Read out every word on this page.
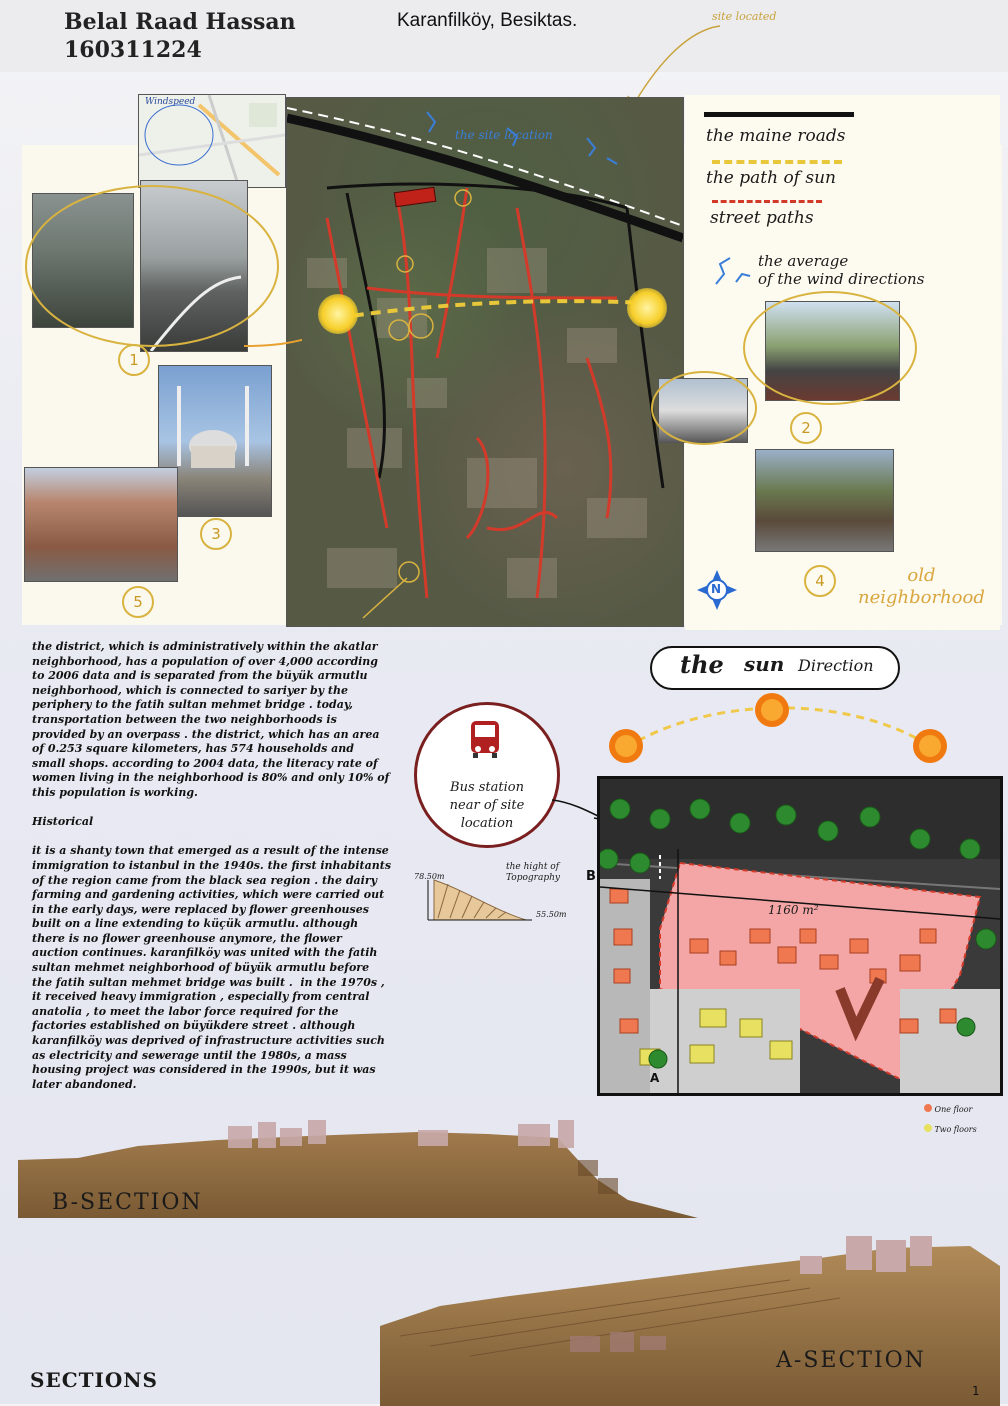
Belal Raad Hassan
160311224
Karanfilköy, Besiktas.	site located
Windspeed
the site location
1
3
5
2
4	old
neighborhood
N
the maine roads
the path of sun
street paths
the average
of the wind directions
the district, which is administratively within the akatlar neighborhood, has a population of over 4,000 according to 2006 data and is separated from the büyük armutlu neighborhood, which is connected to sariyer by the periphery to the fatih sultan mehmet bridge . today, transportation between the two neighborhoods is provided by an overpass . the district, which has an area of 0.253 square kilometers, has 574 households and  small shops. according to 2004 data, the literacy rate of women living in the neighborhood is 80% and only 10% of this population is working.

Historical

it is a shanty town that emerged as a result of the intense immigration to istanbul in the 1940s. the first inhabitants of the region came from the black sea region . the dairy farming and gardening activities, which were carried out in the early days, were replaced by flower greenhouses built on a line extending to küçük armutlu. although there is no flower greenhouse anymore, the flower auction continues. karanfilköy was united with the fatih sultan mehmet neighborhood of büyük armutlu before the fatih sultan mehmet bridge was built .  in the 1970s , it received heavy immigration , especially from central anatolia , to meet the labor force required for the factories established on büyükdere street . although karanfilköy was deprived of infrastructure activities such as electricity and sewerage until the 1980s, a mass housing project was considered in the 1990s, but it was later abandoned.
the sun Direction
Bus station
near of site
location
the hight of
Topography
78.50m
55.50m	1160 m²
B
A
One floor
Two floors
B-SECTION
A-SECTION
SECTIONS	1
